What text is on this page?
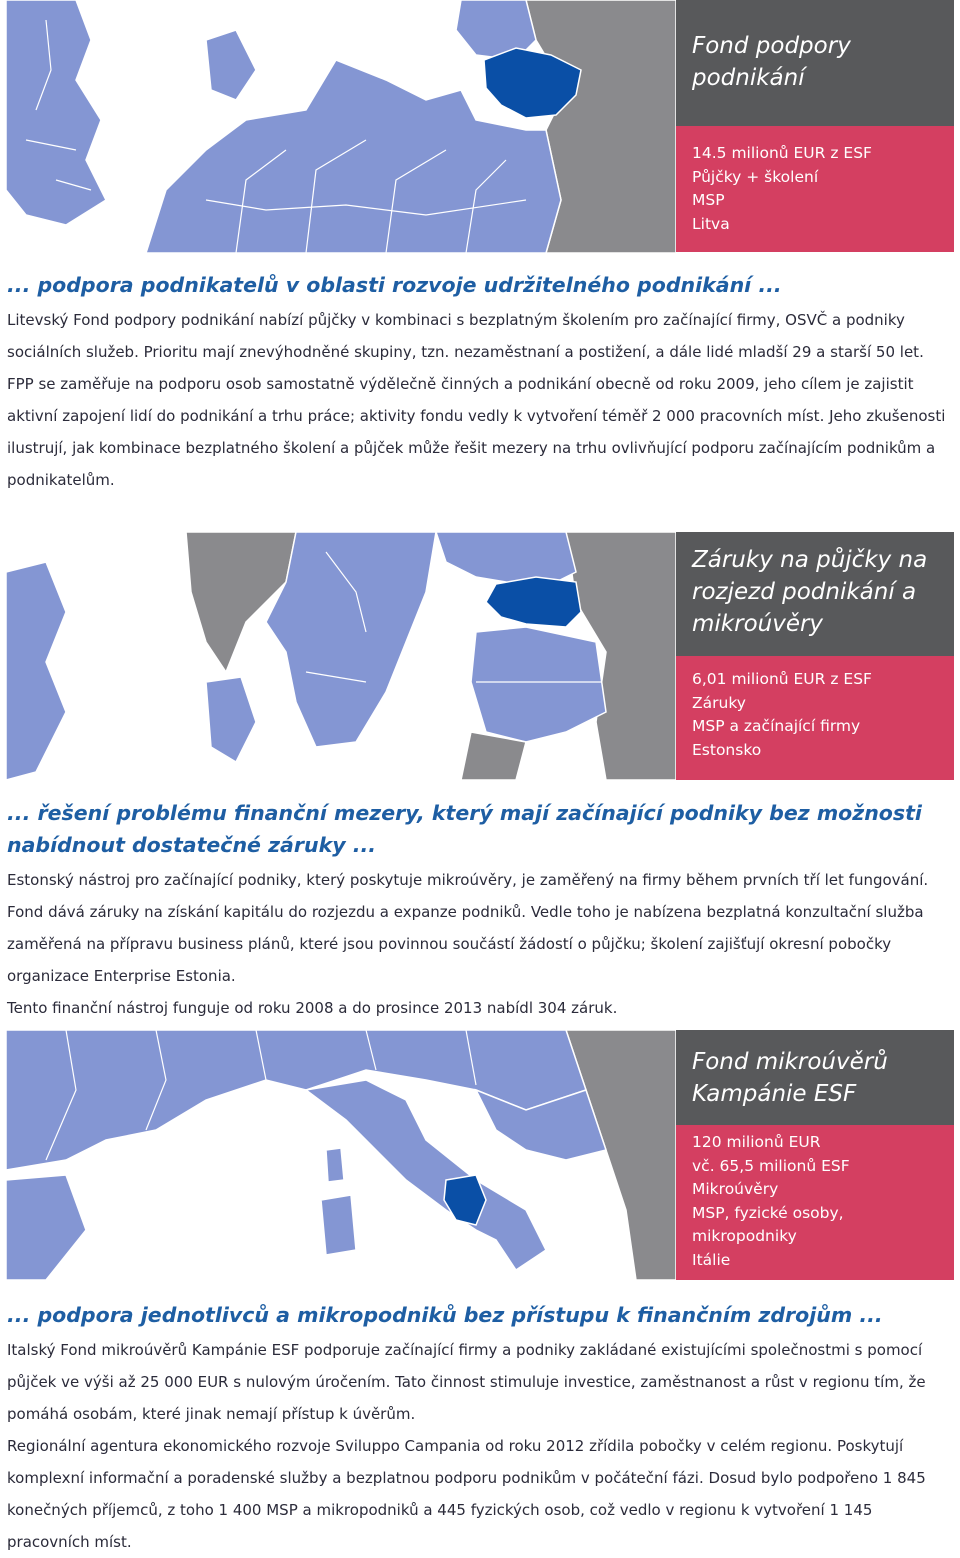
Fond podpory podnikání
14.5 milionů EUR z ESF
Půjčky + školení
MSP
Litva
... podpora podnikatelů v oblasti rozvoje udržitelného podnikání ...

Litevský Fond podpory podnikání nabízí půjčky v kombinaci s bezplatným školením pro začínající firmy, OSVČ a podniky sociálních služeb. Prioritu mají znevýhodněné skupiny, tzn. nezaměstnaní a postižení, a dále lidé mladší 29 a starší 50 let.

FPP se zaměřuje na podporu osob samostatně výdělečně činných a podnikání obecně od roku 2009, jeho cílem je zajistit aktivní zapojení lidí do podnikání a trhu práce; aktivity fondu vedly k vytvoření téměř 2 000 pracovních míst. Jeho zkušenosti ilustrují, jak kombinace bezplatného školení a půjček může řešit mezery na trhu ovlivňující podporu začínajícím podnikům a podnikatelům.

Záruky na půjčky na rozjezd podnikání a mikroúvěry
6,01 milionů EUR z ESF
Záruky
MSP a začínající firmy
Estonsko
... řešení problému finanční mezery, který mají začínající podniky bez možnosti nabídnout dostatečné záruky ...

Estonský nástroj pro začínající podniky, který poskytuje mikroúvěry, je zaměřený na firmy během prvních tří let fungování. Fond dává záruky na získání kapitálu do rozjezdu a expanze podniků. Vedle toho je nabízena bezplatná konzultační služba zaměřená na přípravu business plánů, které jsou povinnou součástí žádostí o půjčku; školení zajišťují okresní pobočky organizace Enterprise Estonia.

Tento finanční nástroj funguje od roku 2008 a do prosince 2013 nabídl 304 záruk.

Fond mikroúvěrů Kampánie ESF
120 milionů EUR
vč. 65,5 milionů ESF
Mikroúvěry
MSP, fyzické osoby,
mikropodniky
Itálie
... podpora jednotlivců a mikropodniků bez přístupu k finančním zdrojům ...

Italský Fond mikroúvěrů Kampánie ESF podporuje začínající firmy a podniky zakládané existujícími společnostmi s pomocí půjček ve výši až 25 000 EUR s nulovým úročením. Tato činnost stimuluje investice, zaměstnanost a růst v regionu tím, že pomáhá osobám, které jinak nemají přístup k úvěrům.

Regionální agentura ekonomického rozvoje Sviluppo Campania od roku 2012 zřídila pobočky v celém regionu. Poskytují komplexní informační a poradenské služby a bezplatnou podporu podnikům v počáteční fázi. Dosud bylo podpořeno 1 845 konečných příjemců, z toho 1 400 MSP a mikropodniků a 445 fyzických osob, což vedlo v regionu k vytvoření 1 145 pracovních míst.
